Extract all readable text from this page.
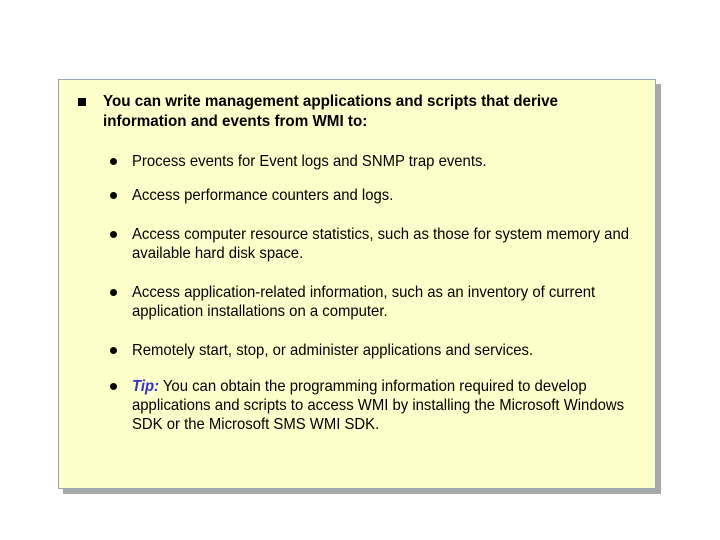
You can write management applications and scripts that derive information and events from WMI to:
Process events for Event logs and SNMP trap events.
Access performance counters and logs.
Access computer resource statistics, such as those for system memory and available hard disk space.
Access application-related information, such as an inventory of current application installations on a computer.
Remotely start, stop, or administer applications and services.
Tip: You can obtain the programming information required to develop applications and scripts to access WMI by installing the Microsoft Windows SDK or the Microsoft SMS WMI SDK.
